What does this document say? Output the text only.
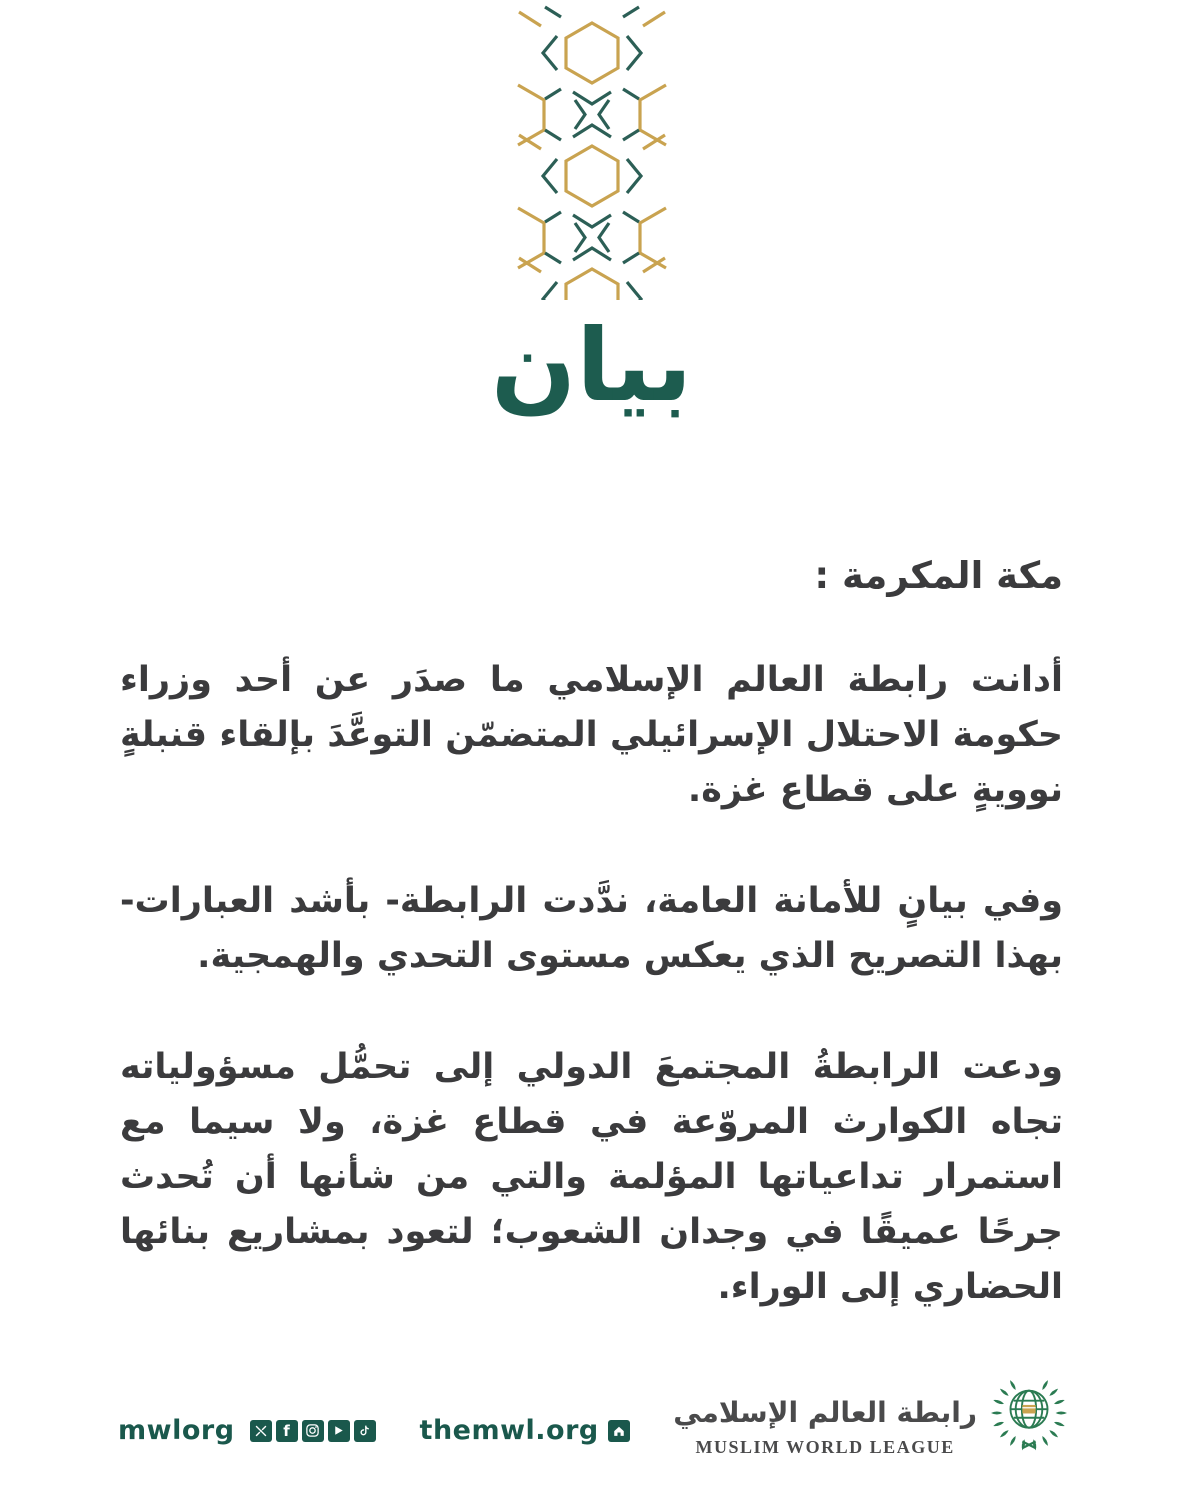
بيان
مكة المكرمة :

أدانت رابطة العالم الإسلامي ما صدَر عن أحد وزراء حكومة الاحتلال الإسرائيلي المتضمّن التوعَّدَ بإلقاء قنبلةٍ نوويةٍ على قطاع غزة.

وفي بيانٍ للأمانة العامة، ندَّدت الرابطة- بأشد العبارات- بهذا التصريح الذي يعكس مستوى التحدي والهمجية.

ودعت الرابطةُ المجتمعَ الدولي إلى تحمُّل مسؤولياته تجاه الكوارث المروّعة في قطاع غزة، ولا سيما مع استمرار تداعياتها المؤلمة والتي من شأنها أن تُحدث جرحًا عميقًا في وجدان الشعوب؛ لتعود بمشاريع بنائها الحضاري إلى الوراء.

mwlorg	f	themwl.org
رابطة العالم الإسلامي
MUSLIM WORLD LEAGUE
